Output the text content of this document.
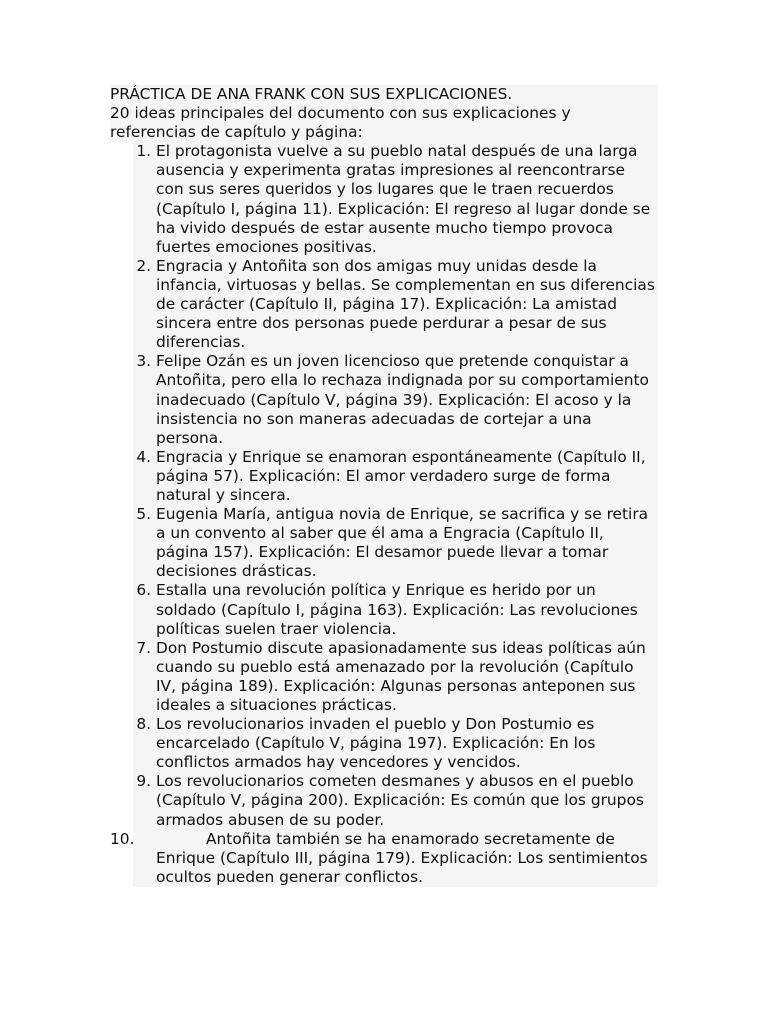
PRÁCTICA DE ANA FRANK CON SUS EXPLICACIONES.
20 ideas principales del documento con sus explicaciones y
referencias de capítulo y página:
1. El protagonista vuelve a su pueblo natal después de una larga ausencia y experimenta gratas impresiones al reencontrarse con sus seres queridos y los lugares que le traen recuerdos (Capítulo I, página 11). Explicación: El regreso al lugar donde se ha vivido después de estar ausente mucho tiempo provoca fuertes emociones positivas.
2. Engracia y Antoñita son dos amigas muy unidas desde la infancia, virtuosas y bellas. Se complementan en sus diferencias de carácter (Capítulo II, página 17). Explicación: La amistad sincera entre dos personas puede perdurar a pesar de sus diferencias.
3. Felipe Ozán es un joven licencioso que pretende conquistar a Antoñita, pero ella lo rechaza indignada por su comportamiento inadecuado (Capítulo V, página 39). Explicación: El acoso y la insistencia no son maneras adecuadas de cortejar a una persona.
4. Engracia y Enrique se enamoran espontáneamente (Capítulo II, página 57). Explicación: El amor verdadero surge de forma natural y sincera.
5. Eugenia María, antigua novia de Enrique, se sacrifica y se retira a un convento al saber que él ama a Engracia (Capítulo II, página 157). Explicación: El desamor puede llevar a tomar decisiones drásticas.
6. Estalla una revolución política y Enrique es herido por un soldado (Capítulo I, página 163). Explicación: Las revoluciones políticas suelen traer violencia.
7. Don Postumio discute apasionadamente sus ideas políticas aún cuando su pueblo está amenazado por la revolución (Capítulo IV, página 189). Explicación: Algunas personas anteponen sus ideales a situaciones prácticas.
8. Los revolucionarios invaden el pueblo y Don Postumio es encarcelado (Capítulo V, página 197). Explicación: En los conflictos armados hay vencedores y vencidos.
9. Los revolucionarios cometen desmanes y abusos en el pueblo (Capítulo V, página 200). Explicación: Es común que los grupos armados abusen de su poder.
10.	Antoñita también se ha enamorado secretamente de Enrique (Capítulo III, página 179). Explicación: Los sentimientos ocultos pueden generar conflictos.
